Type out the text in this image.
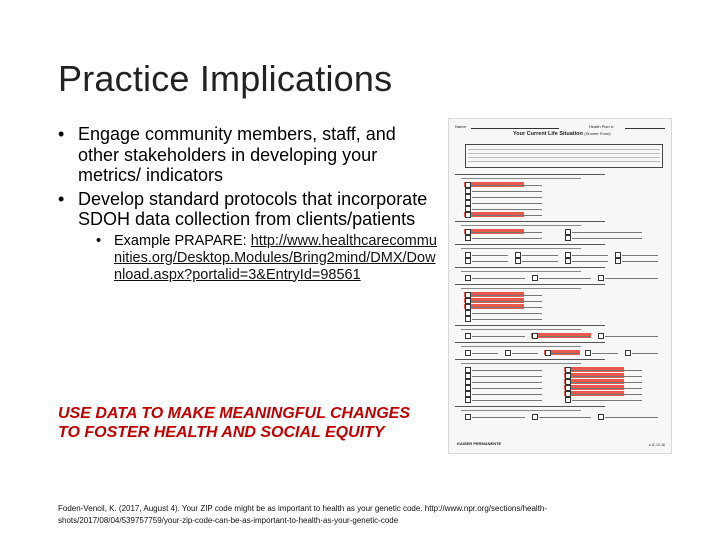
Practice Implications
• Engage community members, staff, and other stakeholders in developing your metrics/ indicators
• Develop standard protocols that incorporate SDOH data collection from clients/patients
• Example PRAPARE: http://www.healthcarecommunities.org/Desktop.Modules/Bring2mind/DMX/Download.aspx?portalid=3&EntryId=98561
USE DATA TO MAKE MEANINGFUL CHANGES TO FOSTER HEALTH AND SOCIAL EQUITY
Foden-Vencil, K. (2017, August 4). Your ZIP code might be as important to health as your genetic code. http://www.npr.org/sections/health-shots/2017/08/04/539757759/your-zip-code-can-be-as-important-to-health-as-your-genetic-code
Name:	Health Plan #:
Your Current Life Situation (Shorter Form)
KAISER PERMANENTE	v.11-10-16
